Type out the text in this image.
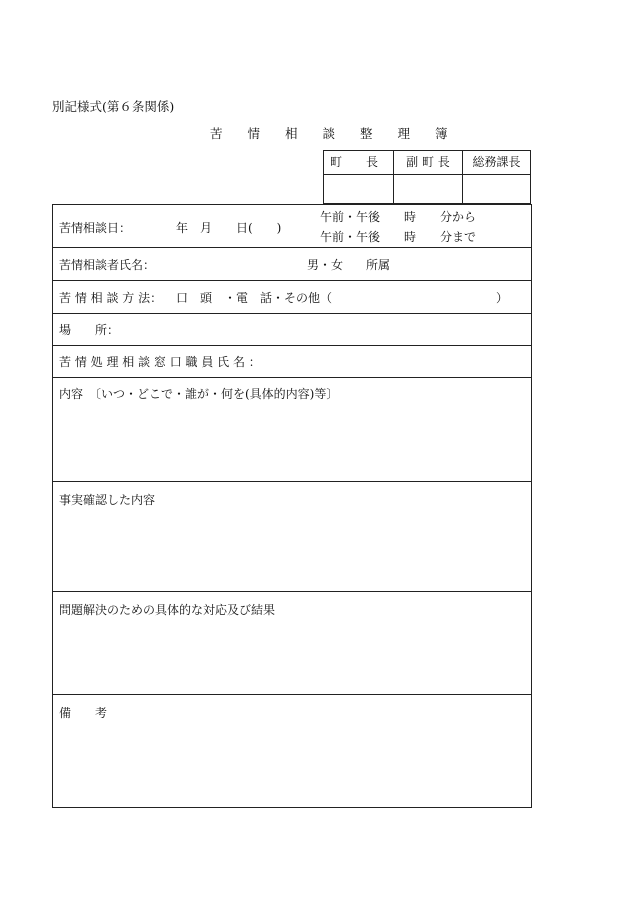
別記様式(第６条関係)
苦　　情　　相　　談　　整　　理　　簿
町　　長	副 町 長	総務課長
苦情相談日：	年　月　　日(　　)
午前・午後　　時　　分から
午前・午後　　時　　分まで
苦情相談者氏名：	男・女 所属
苦 情 相 談 方 法： 口　頭　・電　話・その他（	）
場　　所：
苦 情 処 理 相 談 窓 口 職 員 氏 名 ：
内容　〔いつ・どこで・誰が・何を(具体的内容)等〕
事実確認した内容
問題解決のための具体的な対応及び結果
備　　考
